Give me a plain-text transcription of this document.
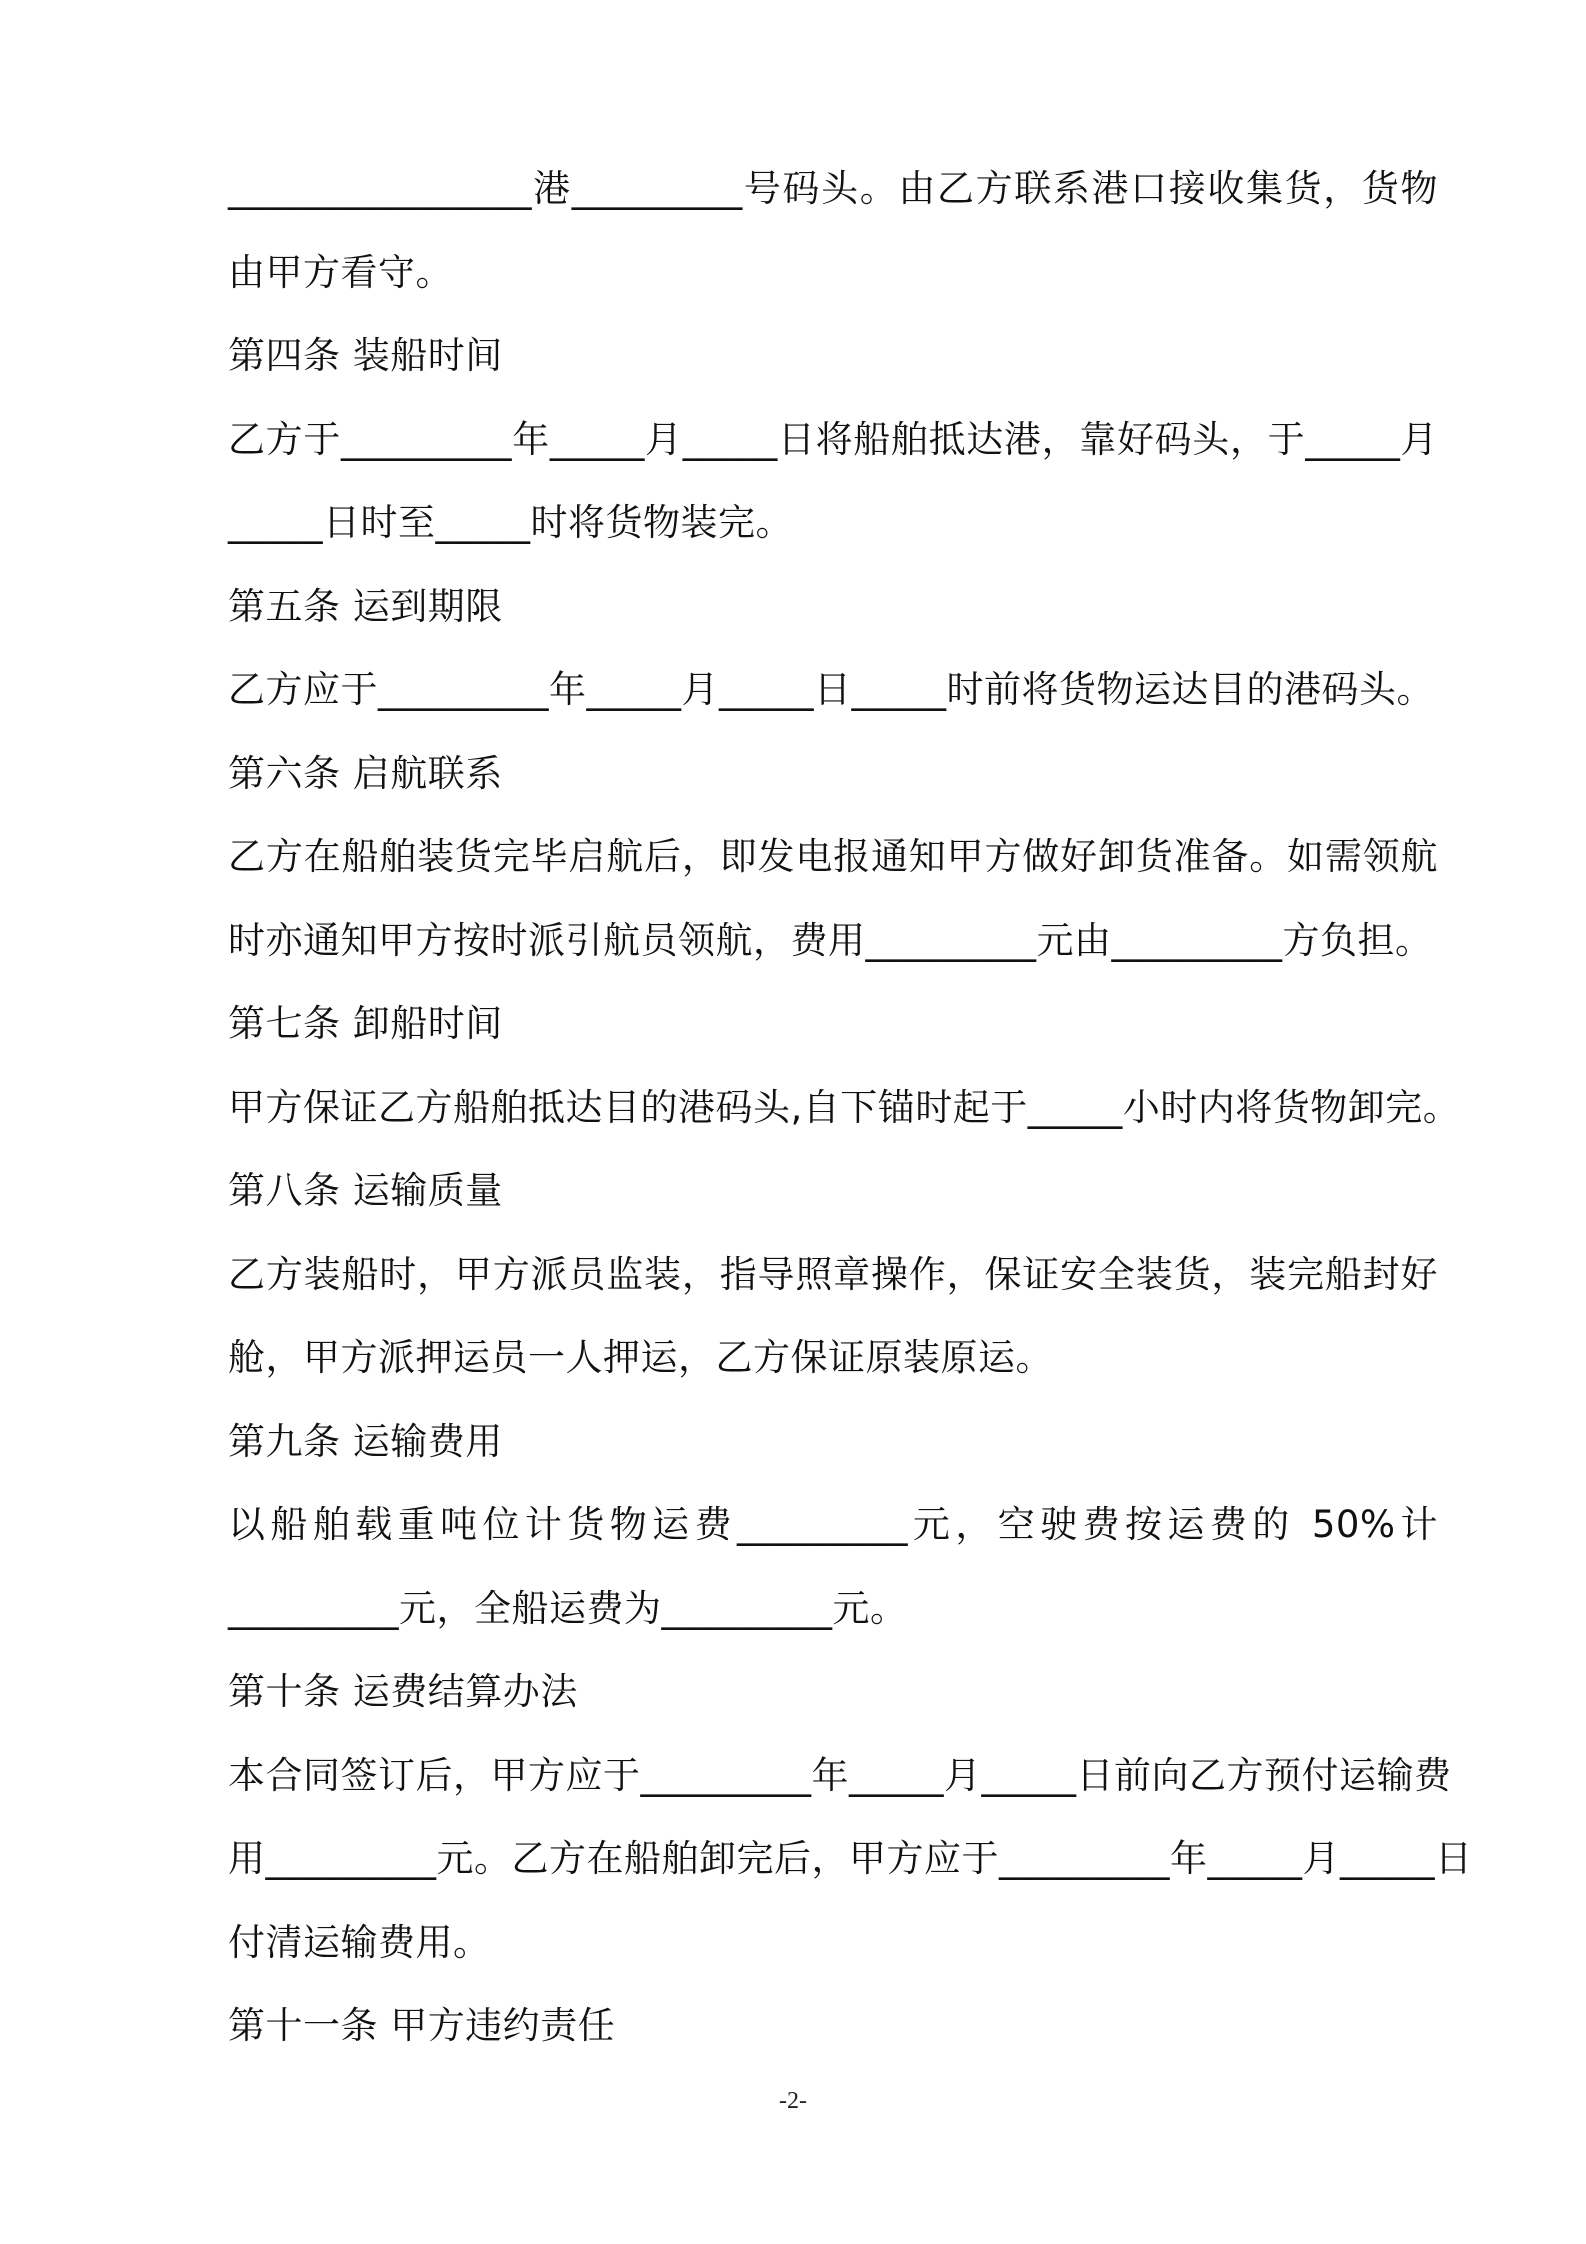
________________港_________号码头。由乙方联系港口接收集货，货物
由甲方看守。
第四条 装船时间
乙方于_________年_____月_____日将船舶抵达港，靠好码头，于_____月
_____日时至_____时将货物装完。
第五条 运到期限
乙方应于_________年_____月_____日_____时前将货物运达目的港码头。
第六条 启航联系
乙方在船舶装货完毕启航后，即发电报通知甲方做好卸货准备。如需领航
时亦通知甲方按时派引航员领航，费用_________元由_________方负担。
第七条 卸船时间
甲方保证乙方船舶抵达目的港码头,自下锚时起于_____小时内将货物卸完。
第八条 运输质量
乙方装船时，甲方派员监装，指导照章操作，保证安全装货，装完船封好
舱，甲方派押运员一人押运，乙方保证原装原运。
第九条 运输费用
以船舶载重吨位计货物运费_________元，空驶费按运费的 50%计
_________元，全船运费为_________元。
第十条 运费结算办法
本合同签订后，甲方应于_________年_____月_____日前向乙方预付运输费
用_________元。乙方在船舶卸完后，甲方应于_________年_____月_____日
付清运输费用。
第十一条 甲方违约责任
-2-
